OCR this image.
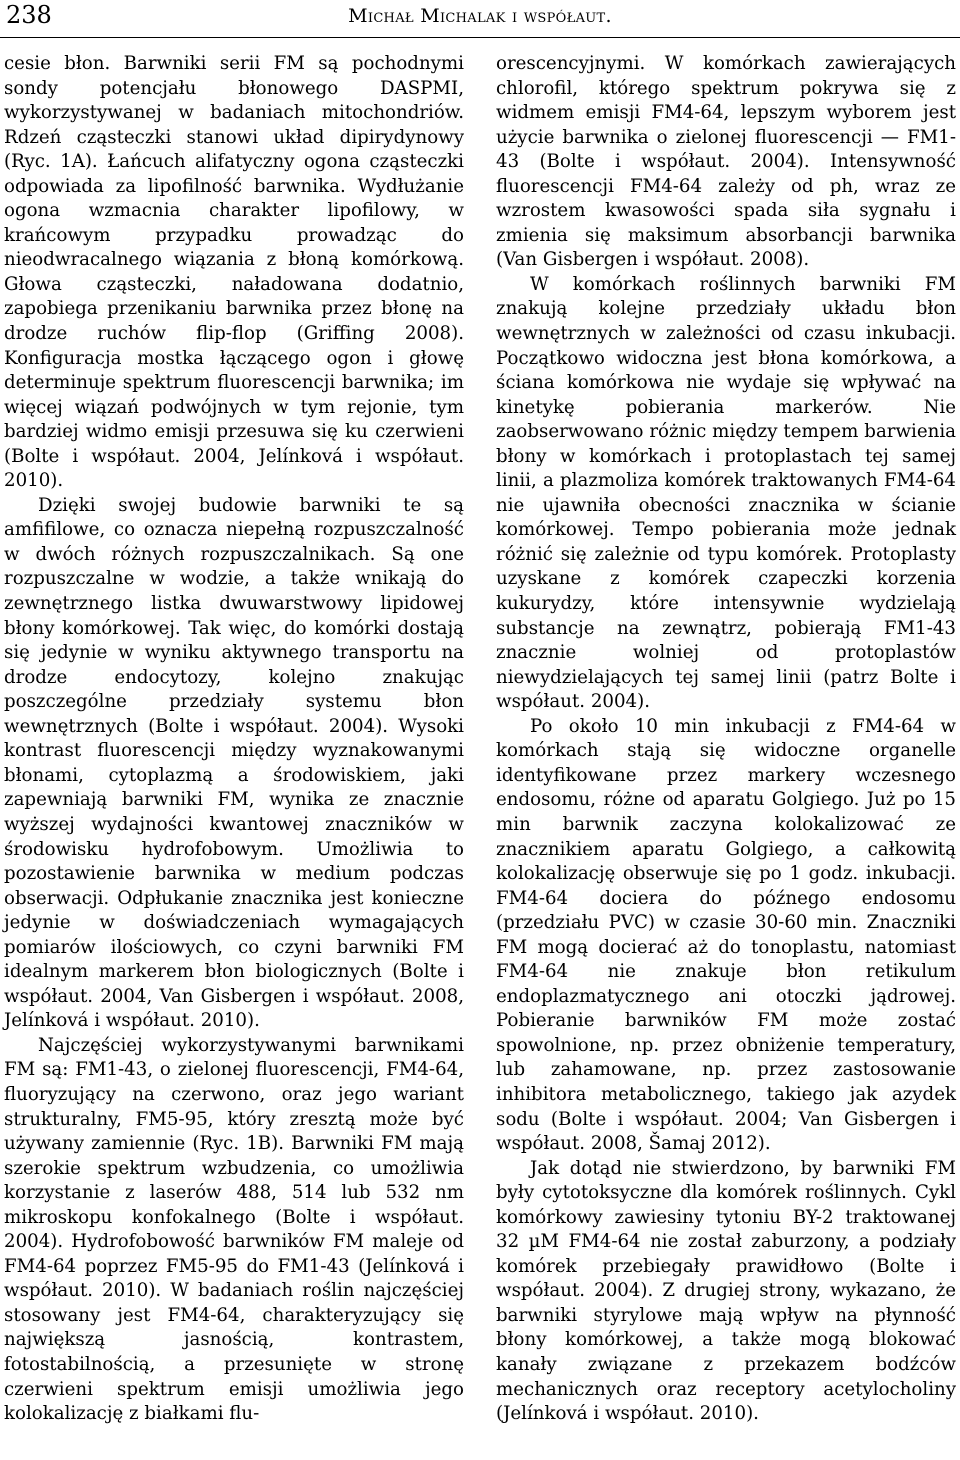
238	Michał Michalak i współaut.

cesie błon. Barwniki serii FM są pochodnymi sondy potencjału błonowego DASPMI, wykorzystywanej w badaniach mitochondriów. Rdzeń cząsteczki stanowi układ dipirydynowy (Ryc. 1A). Łańcuch alifatyczny ogona cząsteczki odpowiada za lipofilność barwnika. Wydłużanie ogona wzmacnia charakter lipofilowy, w krańcowym przypadku prowadząc do nieodwracalnego wiązania z błoną komórkową. Głowa cząsteczki, naładowana dodatnio, zapobiega przenikaniu barwnika przez błonę na drodze ruchów flip-flop (Griffing 2008). Konfiguracja mostka łączącego ogon i głowę determinuje spektrum fluorescencji barwnika; im więcej wiązań podwójnych w tym rejonie, tym bardziej widmo emisji przesuwa się ku czerwieni (Bolte i współaut. 2004, Jelínková i współaut. 2010).

Dzięki swojej budowie barwniki te są amfifilowe, co oznacza niepełną rozpuszczalność w dwóch różnych rozpuszczalnikach. Są one rozpuszczalne w wodzie, a także wnikają do zewnętrznego listka dwuwarstwowy lipidowej błony komórkowej. Tak więc, do komórki dostają się jedynie w wyniku aktywnego transportu na drodze endocytozy, kolejno znakując poszczególne przedziały systemu błon wewnętrznych (Bolte i współaut. 2004). Wysoki kontrast fluorescencji między wyznakowanymi błonami, cytoplazmą a środowiskiem, jaki zapewniają barwniki FM, wynika ze znacznie wyższej wydajności kwantowej znaczników w środowisku hydrofobowym. Umożliwia to pozostawienie barwnika w medium podczas obserwacji. Odpłukanie znacznika jest konieczne jedynie w doświadczeniach wymagających pomiarów ilościowych, co czyni barwniki FM idealnym markerem błon biologicznych (Bolte i współaut. 2004, Van Gisbergen i współaut. 2008, Jelínková i współaut. 2010).

Najczęściej wykorzystywanymi barwnikami FM są: FM1-43, o zielonej fluorescencji, FM4-64, fluoryzujący na czerwono, oraz jego wariant strukturalny, FM5-95, który zresztą może być używany zamiennie (Ryc. 1B). Barwniki FM mają szerokie spektrum wzbudzenia, co umożliwia korzystanie z laserów 488, 514 lub 532 nm mikroskopu konfokalnego (Bolte i współaut. 2004). Hydrofobowość barwników FM maleje od FM4-64 poprzez FM5-95 do FM1-43 (Jelínková i współaut. 2010). W badaniach roślin najczęściej stosowany jest FM4-64, charakteryzujący się największą jasnością, kontrastem, fotostabilnością, a przesunięte w stronę czerwieni spektrum emisji umożliwia jego kolokalizację z białkami flu-

orescencyjnymi. W komórkach zawierających chlorofil, którego spektrum pokrywa się z widmem emisji FM4-64, lepszym wyborem jest użycie barwnika o zielonej fluorescencji — FM1-43 (Bolte i współaut. 2004). Intensywność fluorescencji FM4-64 zależy od ph, wraz ze wzrostem kwasowości spada siła sygnału i zmienia się maksimum absorbancji barwnika (Van Gisbergen i współaut. 2008).

W komórkach roślinnych barwniki FM znakują kolejne przedziały układu błon wewnętrznych w zależności od czasu inkubacji. Początkowo widoczna jest błona komórkowa, a ściana komórkowa nie wydaje się wpływać na kinetykę pobierania markerów. Nie zaobserwowano różnic między tempem barwienia błony w komórkach i protoplastach tej samej linii, a plazmoliza komórek traktowanych FM4-64 nie ujawniła obecności znacznika w ścianie komórkowej. Tempo pobierania może jednak różnić się zależnie od typu komórek. Protoplasty uzyskane z komórek czapeczki korzenia kukurydzy, które intensywnie wydzielają substancje na zewnątrz, pobierają FM1-43 znacznie wolniej od protoplastów niewydzielających tej samej linii (patrz Bolte i współaut. 2004).

Po około 10 min inkubacji z FM4-64 w komórkach stają się widoczne organelle identyfikowane przez markery wczesnego endosomu, różne od aparatu Golgiego. Już po 15 min barwnik zaczyna kolokalizować ze znacznikiem aparatu Golgiego, a całkowitą kolokalizację obserwuje się po 1 godz. inkubacji. FM4-64 dociera do późnego endosomu (przedziału PVC) w czasie 30-60 min. Znaczniki FM mogą docierać aż do tonoplastu, natomiast FM4-64 nie znakuje błon retikulum endoplazmatycznego ani otoczki jądrowej. Pobieranie barwników FM może zostać spowolnione, np. przez obniżenie temperatury, lub zahamowane, np. przez zastosowanie inhibitora metabolicznego, takiego jak azydek sodu (Bolte i współaut. 2004; Van Gisbergen i współaut. 2008, Šamaj 2012).

Jak dotąd nie stwierdzono, by barwniki FM były cytotoksyczne dla komórek roślinnych. Cykl komórkowy zawiesiny tytoniu BY-2 traktowanej 32 µM FM4-64 nie został zaburzony, a podziały komórek przebiegały prawidłowo (Bolte i współaut. 2004). Z drugiej strony, wykazano, że barwniki styrylowe mają wpływ na płynność błony komórkowej, a także mogą blokować kanały związane z przekazem bodźców mechanicznych oraz receptory acetylocholiny (Jelínková i współaut. 2010).
